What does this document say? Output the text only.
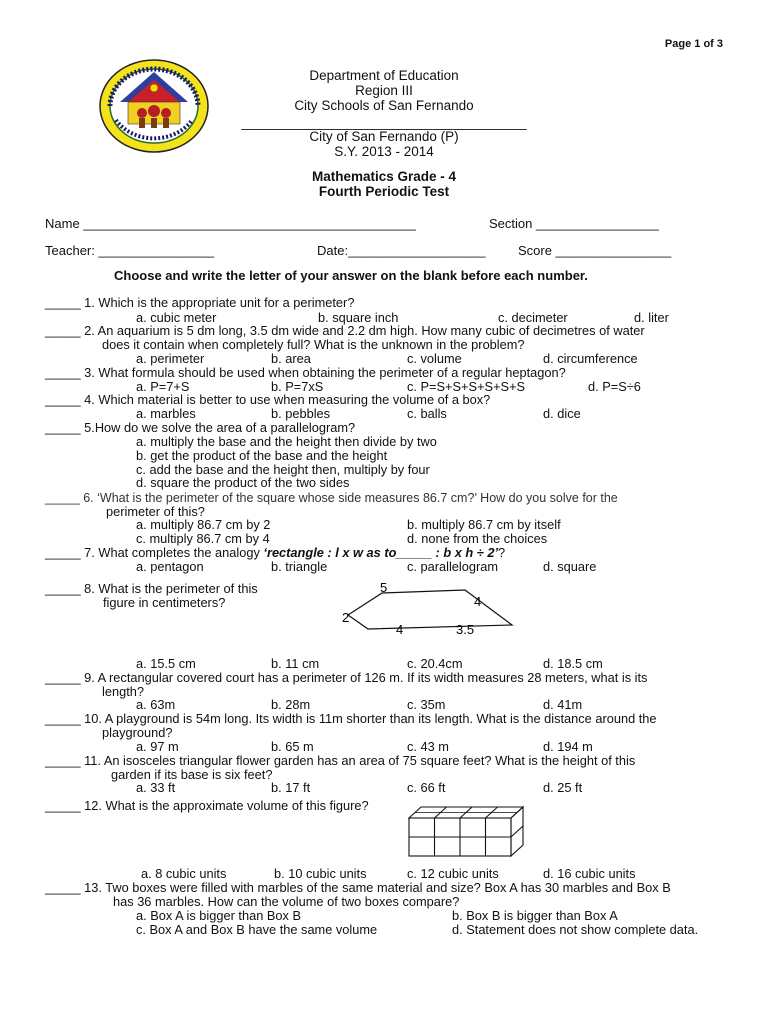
Page 1 of 3
Department of Education
Region III
City Schools of San Fernando
______________________________________
City of San Fernando (P)
S.Y. 2013 - 2014
Mathematics Grade - 4
Fourth Periodic Test
Name ______________________________________________	Section _________________
Teacher: ________________	Date:___________________	Score ________________
Choose and write the letter of your answer on the blank before each number.
_____ 1. Which is the appropriate unit for a perimeter?
a. cubic meter	b. square inch	c. decimeter	d. liter
_____ 2. An aquarium is 5 dm long, 3.5 dm wide and 2.2 dm high. How many cubic of decimetres of water
does it contain when completely full? What is the unknown in the problem?
a. perimeter	b. area	c. volume	d. circumference
_____ 3. What formula should be used when obtaining the perimeter of a regular heptagon?
a. P=7+S	b. P=7xS	c. P=S+S+S+S+S+S	d. P=S÷6
_____ 4. Which material is better to use when measuring the volume of a box?
a. marbles	b. pebbles	c. balls	d. dice
_____ 5.How do we solve the area of a parallelogram?
a. multiply the base and the height then divide by two
b. get the product of the base and the height
c. add the base and the height then, multiply by four
d. square the product of the two sides
_____ 6. ‘What is the perimeter of the square whose side measures 86.7 cm?’ How do you solve for the
perimeter of this?
a. multiply 86.7 cm by 2	b. multiply 86.7 cm by itself
c. multiply 86.7 cm by 4	d. none from the choices
_____ 7. What completes the analogy ‘rectangle : l x w as to_____ : b x h ÷ 2’?
a. pentagon	b. triangle	c. parallelogram	d. square
_____ 8. What is the perimeter of this
figure in centimeters?
5
4
2
4	3.5
a. 15.5 cm	b. 11 cm	c. 20.4cm	d. 18.5 cm
_____ 9. A rectangular covered court has a perimeter of 126 m. If its width measures 28 meters, what is its
length?
a. 63m	b. 28m	c. 35m	d. 41m
_____ 10. A playground is 54m long. Its width is 11m shorter than its length. What is the distance around the
playground?
a. 97 m	b. 65 m	c. 43 m	d. 194 m
_____ 11. An isosceles triangular flower garden has an area of 75 square feet? What is the height of this
garden if its base is six feet?
a. 33 ft	b. 17 ft	c. 66 ft	d. 25 ft
_____ 12. What is the approximate volume of this figure?
a. 8 cubic units	b. 10 cubic units	c. 12 cubic units	d. 16 cubic units
_____ 13. Two boxes were filled with marbles of the same material and size? Box A has 30 marbles and Box B
has 36 marbles. How can the volume of two boxes compare?
a. Box A is bigger than Box B	b. Box B is bigger than Box A
c. Box A and Box B have the same volume	d. Statement does not show complete data.
